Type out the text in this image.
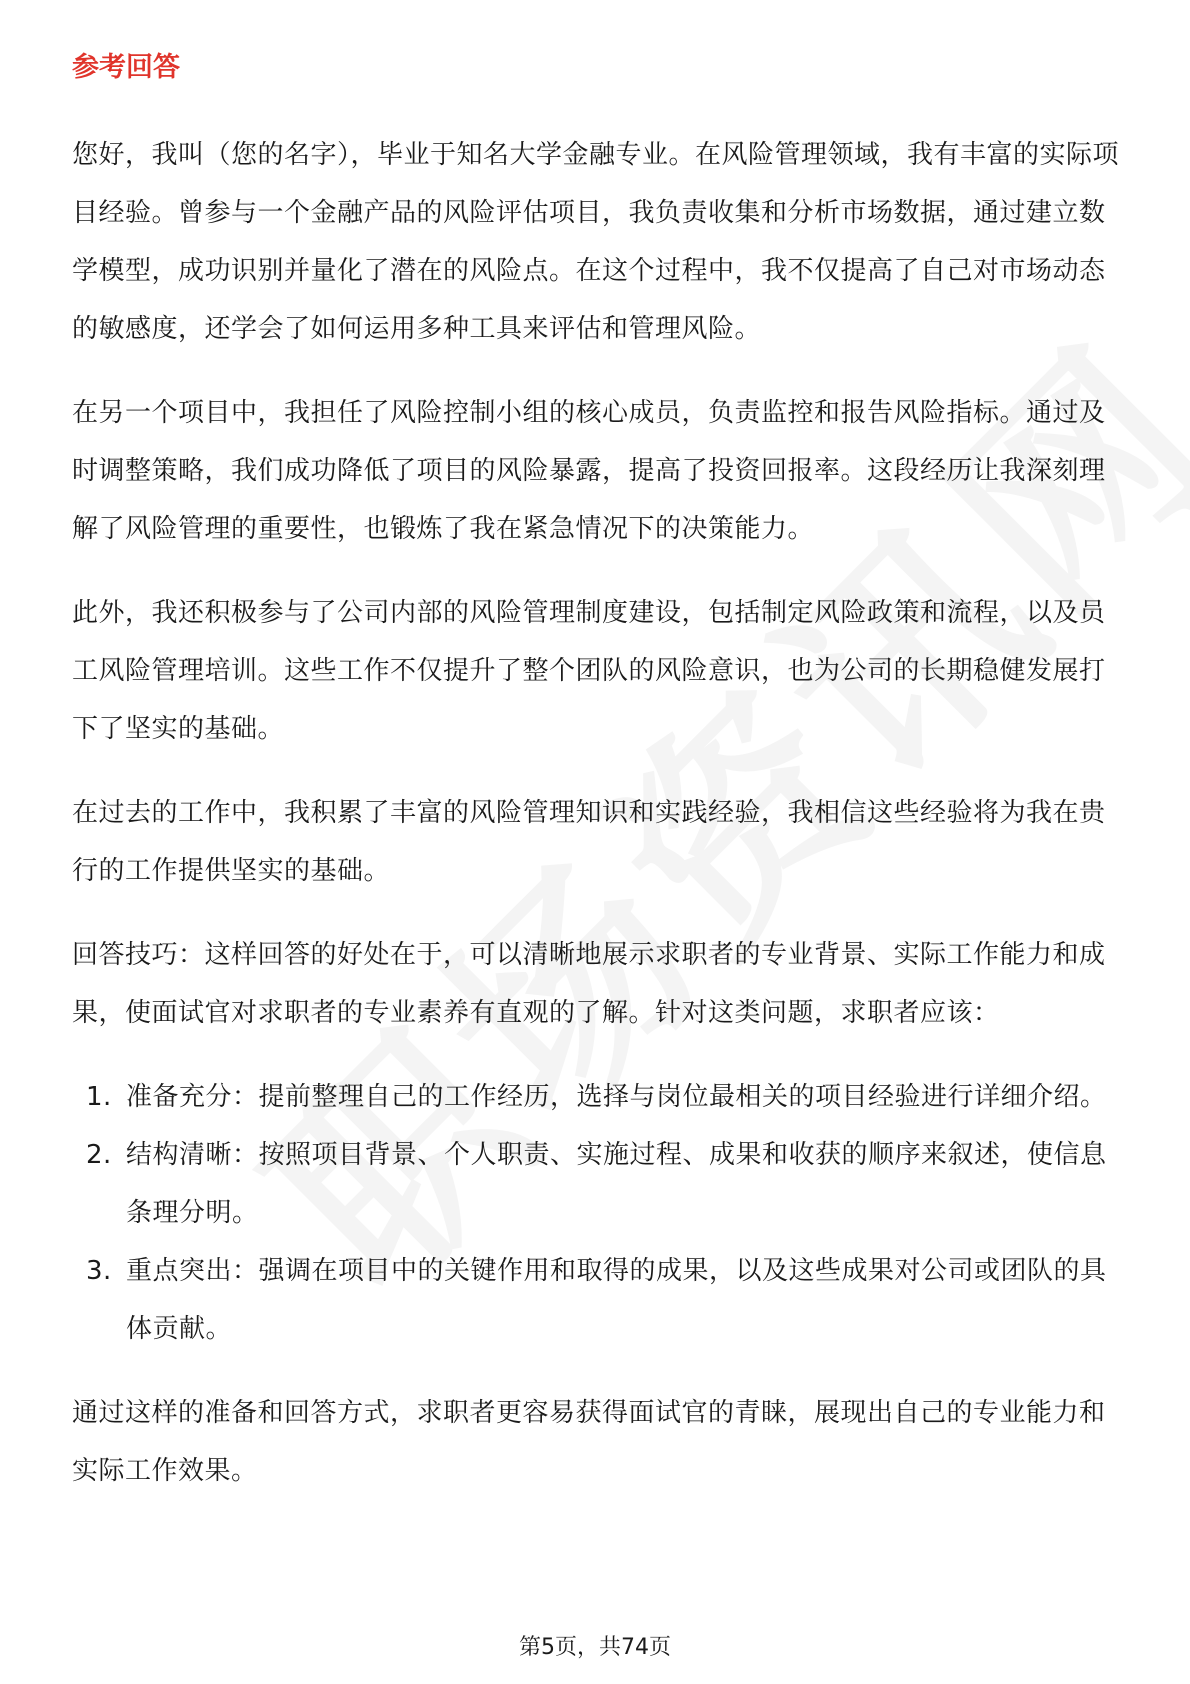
参考回答

您好，我叫（您的名字），毕业于知名大学金融专业。在风险管理领域，我有丰富的实际项目经验。曾参与一个金融产品的风险评估项目，我负责收集和分析市场数据，通过建立数学模型，成功识别并量化了潜在的风险点。在这个过程中，我不仅提高了自己对市场动态的敏感度，还学会了如何运用多种工具来评估和管理风险。

在另一个项目中，我担任了风险控制小组的核心成员，负责监控和报告风险指标。通过及时调整策略，我们成功降低了项目的风险暴露，提高了投资回报率。这段经历让我深刻理解了风险管理的重要性，也锻炼了我在紧急情况下的决策能力。

此外，我还积极参与了公司内部的风险管理制度建设，包括制定风险政策和流程，以及员工风险管理培训。这些工作不仅提升了整个团队的风险意识，也为公司的长期稳健发展打下了坚实的基础。

在过去的工作中，我积累了丰富的风险管理知识和实践经验，我相信这些经验将为我在贵行的工作提供坚实的基础。

回答技巧：这样回答的好处在于，可以清晰地展示求职者的专业背景、实际工作能力和成果，使面试官对求职者的专业素养有直观的了解。针对这类问题，求职者应该：

1. 准备充分：提前整理自己的工作经历，选择与岗位最相关的项目经验进行详细介绍。
2. 结构清晰：按照项目背景、个人职责、实施过程、成果和收获的顺序来叙述，使信息条理分明。
3. 重点突出：强调在项目中的关键作用和取得的成果，以及这些成果对公司或团队的具体贡献。

通过这样的准备和回答方式，求职者更容易获得面试官的青睐，展现出自己的专业能力和实际工作效果。

第5页，共74页
